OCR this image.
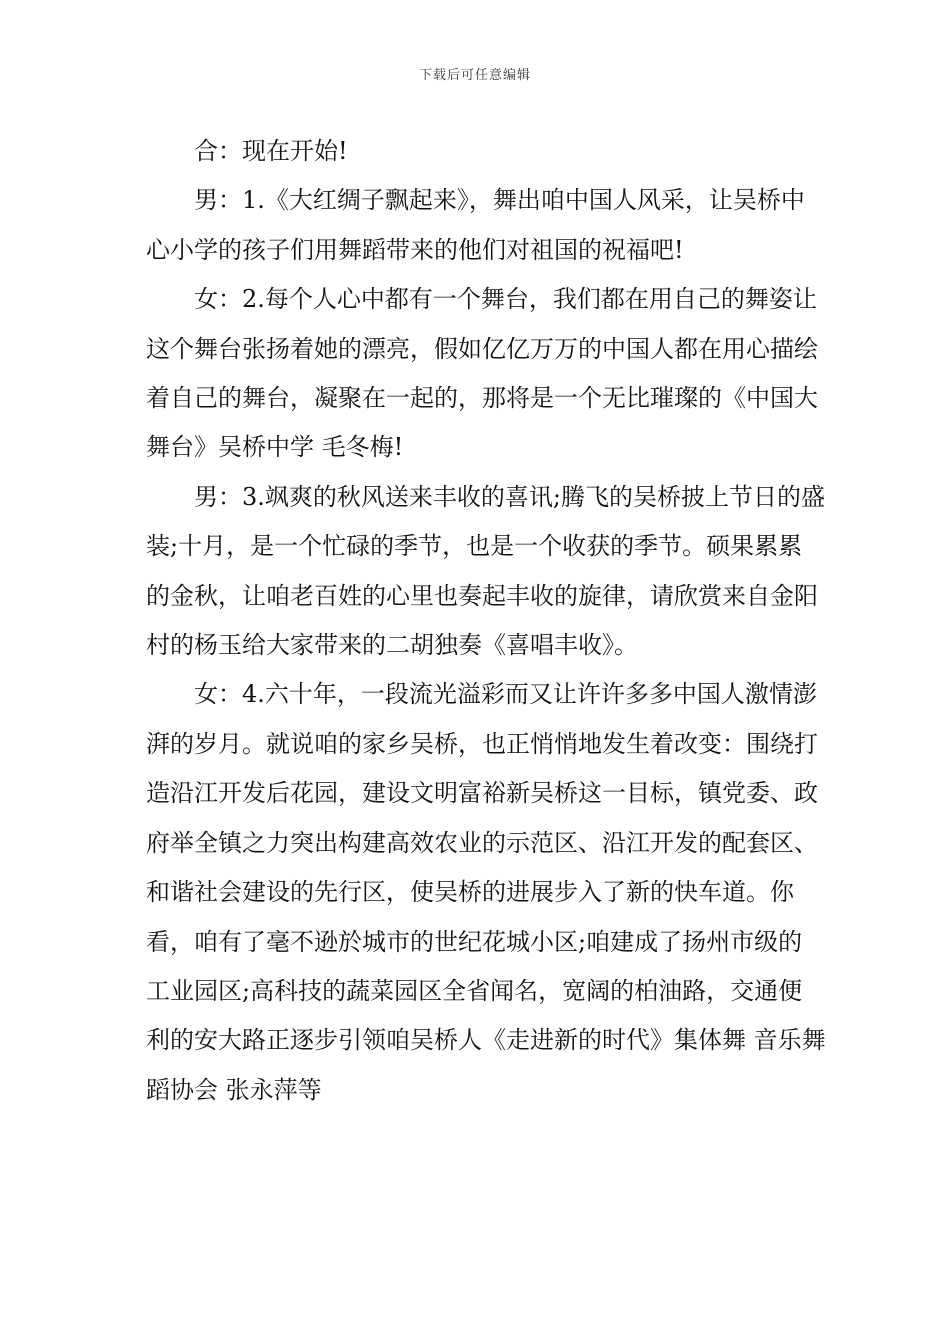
下载后可任意编辑

合：现在开始!

男：1.《大红绸子飘起来》，舞出咱中国人风采，让吴桥中心小学的孩子们用舞蹈带来的他们对祖国的祝福吧!

女：2.每个人心中都有一个舞台，我们都在用自己的舞姿让这个舞台张扬着她的漂亮，假如亿亿万万的中国人都在用心描绘着自己的舞台，凝聚在一起的，那将是一个无比璀璨的《中国大舞台》吴桥中学 毛冬梅!

男：3.飒爽的秋风送来丰收的喜讯;腾飞的吴桥披上节日的盛装;十月，是一个忙碌的季节，也是一个收获的季节。硕果累累的金秋，让咱老百姓的心里也奏起丰收的旋律，请欣赏来自金阳村的杨玉给大家带来的二胡独奏《喜唱丰收》。

女：4.六十年，一段流光溢彩而又让许许多多中国人激情澎湃的岁月。就说咱的家乡吴桥，也正悄悄地发生着改变：围绕打造沿江开发后花园，建设文明富裕新吴桥这一目标，镇党委、政府举全镇之力突出构建高效农业的示范区、沿江开发的配套区、和谐社会建设的先行区，使吴桥的进展步入了新的快车道。你看，咱有了毫不逊於城市的世纪花城小区;咱建成了扬州市级的工业园区;高科技的蔬菜园区全省闻名，宽阔的柏油路，交通便利的安大路正逐步引领咱吴桥人《走进新的时代》集体舞 音乐舞蹈协会 张永萍等
